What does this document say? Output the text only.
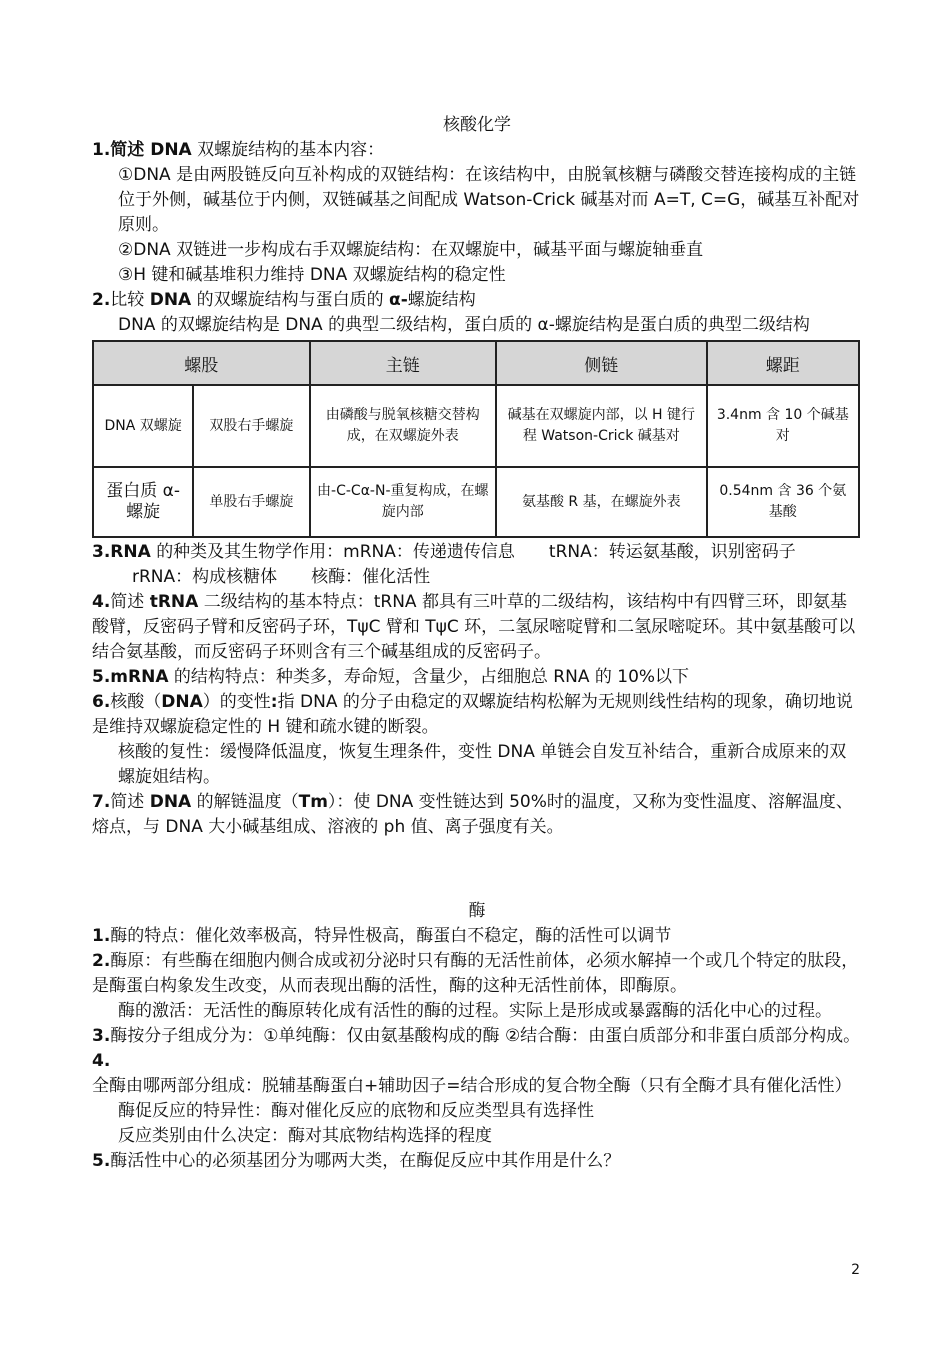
核酸化学

1.简述 DNA 双螺旋结构的基本内容：

①DNA 是由两股链反向互补构成的双链结构：在该结构中，由脱氧核糖与磷酸交替连接构成的主链位于外侧，碱基位于内侧，双链碱基之间配成 Watson-Crick 碱基对而 A=T, C=G，碱基互补配对原则。

②DNA 双链进一步构成右手双螺旋结构：在双螺旋中，碱基平面与螺旋轴垂直

③H 键和碱基堆积力维持 DNA 双螺旋结构的稳定性

2.比较 DNA 的双螺旋结构与蛋白质的 α-螺旋结构

DNA 的双螺旋结构是 DNA 的典型二级结构，蛋白质的 α-螺旋结构是蛋白质的典型二级结构

螺股		主链	侧链	螺距
DNA 双螺旋	双股右手螺旋	由磷酸与脱氧核糖交替构成，在双螺旋外表	碱基在双螺旋内部，以 H 键行程 Watson-Crick 碱基对	3.4nm 含 10 个碱基对
蛋白质 α-螺旋	单股右手螺旋	由-C-Cα-N-重复构成，在螺旋内部	氨基酸 R 基，在螺旋外表	0.54nm 含 36 个氨基酸

3.RNA 的种类及其生物学作用：mRNA：传递遗传信息　　tRNA：转运氨基酸，识别密码子

rRNA：构成核糖体　　核酶：催化活性

4.简述 tRNA 二级结构的基本特点：tRNA 都具有三叶草的二级结构，该结构中有四臂三环，即氨基酸臂，反密码子臂和反密码子环，TψC 臂和 TψC 环，二氢尿嘧啶臂和二氢尿嘧啶环。其中氨基酸可以结合氨基酸，而反密码子环则含有三个碱基组成的反密码子。

5.mRNA 的结构特点：种类多，寿命短，含量少，占细胞总 RNA 的 10%以下

6.核酸（DNA）的变性:指 DNA 的分子由稳定的双螺旋结构松解为无规则线性结构的现象，确切地说是维持双螺旋稳定性的 H 键和疏水键的断裂。

核酸的复性：缓慢降低温度，恢复生理条件，变性 DNA 单链会自发互补结合，重新合成原来的双螺旋姐结构。

7.简述 DNA 的解链温度（Tm）：使 DNA 变性链达到 50%时的温度，又称为变性温度、溶解温度、熔点，与 DNA 大小碱基组成、溶液的 ph 值、离子强度有关。

酶

1.酶的特点：催化效率极高，特异性极高，酶蛋白不稳定，酶的活性可以调节

2.酶原：有些酶在细胞内侧合成或初分泌时只有酶的无活性前体，必须水解掉一个或几个特定的肽段，是酶蛋白构象发生改变，从而表现出酶的活性，酶的这种无活性前体，即酶原。

酶的激活：无活性的酶原转化成有活性的酶的过程。实际上是形成或暴露酶的活化中心的过程。

3.酶按分子组成分为：①单纯酶：仅由氨基酸构成的酶 ②结合酶：由蛋白质部分和非蛋白质部分构成。

4.全酶由哪两部分组成：脱辅基酶蛋白+辅助因子=结合形成的复合物全酶（只有全酶才具有催化活性）

酶促反应的特异性：酶对催化反应的底物和反应类型具有选择性

反应类别由什么决定：酶对其底物结构选择的程度

5.酶活性中心的必须基团分为哪两大类，在酶促反应中其作用是什么？

2
